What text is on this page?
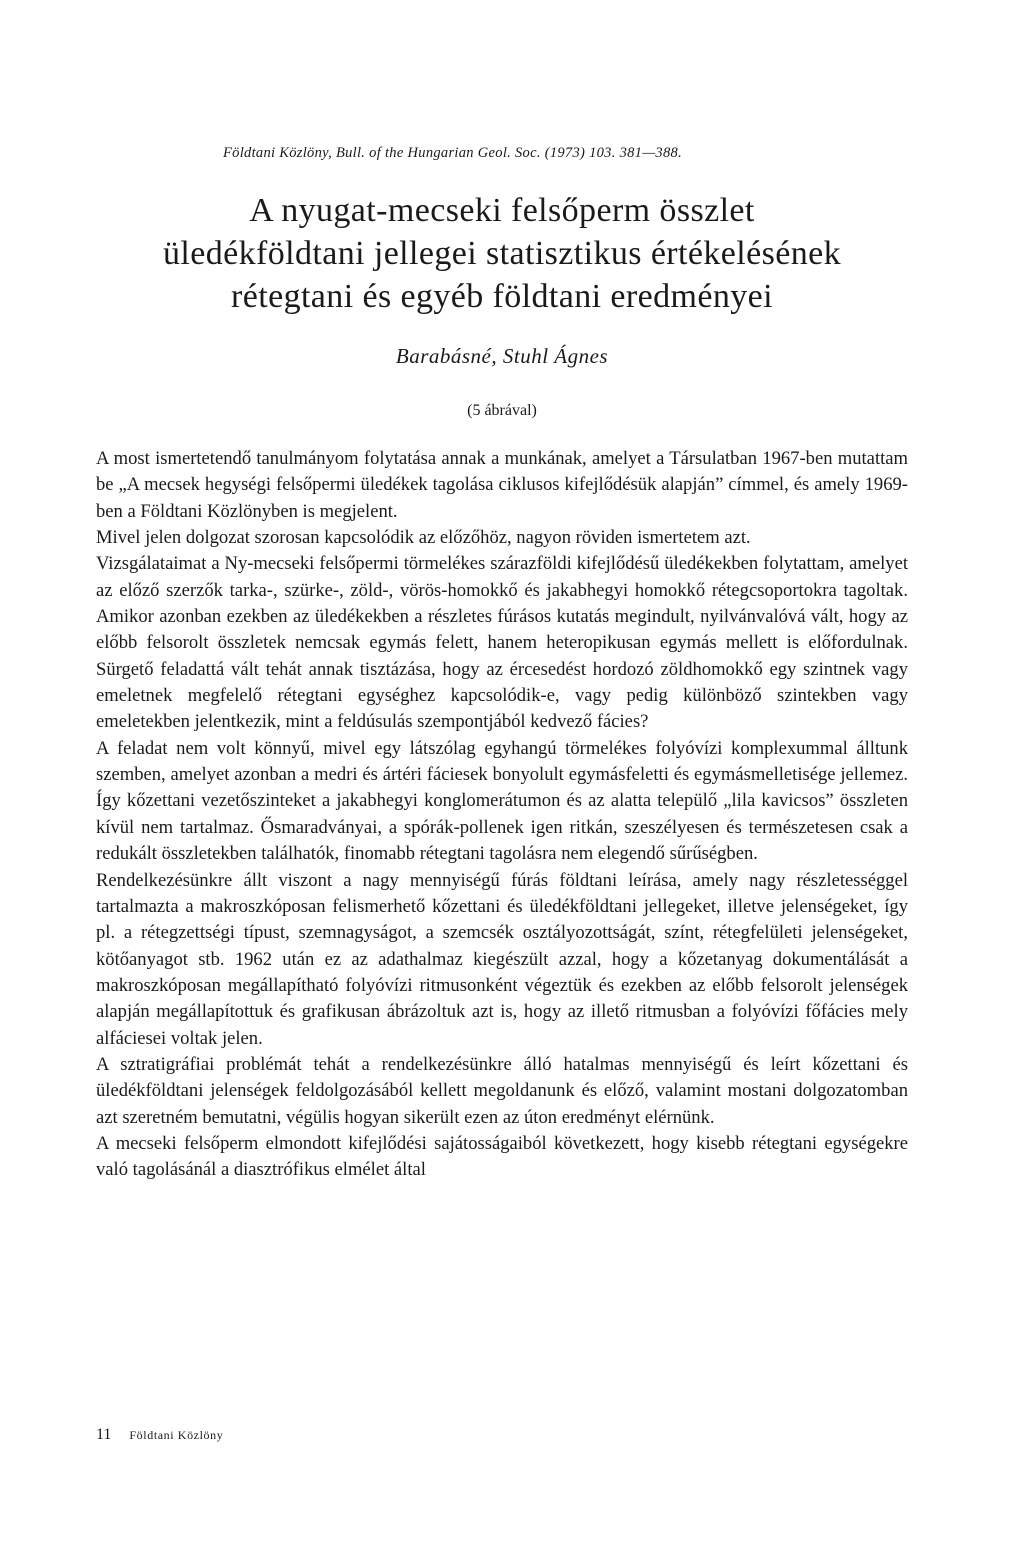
Földtani Közlöny, Bull. of the Hungarian Geol. Soc. (1973) 103. 381—388.
A nyugat-mecseki felsőperm összlet
üledékföldtani jellegei statisztikus értékelésének
rétegtani és egyéb földtani eredményei
Barabásné, Stuhl Ágnes
(5 ábrával)

A most ismertetendő tanulmányom folytatása annak a munkának, amelyet a Társulatban 1967-ben mutattam be „A mecsek hegységi felsőpermi üledékek tagolása ciklusos kifejlődésük alapján” címmel, és amely 1969-ben a Földtani Közlönyben is megjelent.

Mivel jelen dolgozat szorosan kapcsolódik az előzőhöz, nagyon röviden ismertetem azt.

Vizsgálataimat a Ny-mecseki felsőpermi törmelékes szárazföldi kifejlődésű üledékekben folytattam, amelyet az előző szerzők tarka-, szürke-, zöld-, vörös-homokkő és jakabhegyi homokkő rétegcsoportokra tagoltak. Amikor azonban ezekben az üledékekben a részletes fúrásos kutatás megindult, nyilvánvalóvá vált, hogy az előbb felsorolt összletek nemcsak egymás felett, hanem heteropikusan egymás mellett is előfordulnak. Sürgető feladattá vált tehát annak tisztázása, hogy az ércesedést hordozó zöldhomokkő egy szintnek vagy emeletnek megfelelő rétegtani egységhez kapcsolódik-e, vagy pedig különböző szintekben vagy emeletekben jelentkezik, mint a feldúsulás szempontjából kedvező fácies?

A feladat nem volt könnyű, mivel egy látszólag egyhangú törmelékes folyóvízi komplexummal álltunk szemben, amelyet azonban a medri és ártéri fáciesek bonyolult egymásfeletti és egymásmelletisége jellemez. Így kőzettani vezetőszinteket a jakabhegyi konglomerátumon és az alatta települő „lila kavicsos” összleten kívül nem tartalmaz. Ősmaradványai, a spórák-pollenek igen ritkán, szeszélyesen és természetesen csak a redukált összletekben találhatók, finomabb rétegtani tagolásra nem elegendő sűrűségben.

Rendelkezésünkre állt viszont a nagy mennyiségű fúrás földtani leírása, amely nagy részletességgel tartalmazta a makroszkóposan felismerhető kőzettani és üledékföldtani jellegeket, illetve jelenségeket, így pl. a rétegzettségi típust, szemnagyságot, a szemcsék osztályozottságát, színt, rétegfelületi jelenségeket, kötőanyagot stb. 1962 után ez az adathalmaz kiegészült azzal, hogy a kőzetanyag dokumentálását a makroszkóposan megállapítható folyóvízi ritmusonként végeztük és ezekben az előbb felsorolt jelenségek alapján megállapítottuk és grafikusan ábrázoltuk azt is, hogy az illető ritmusban a folyóvízi főfácies mely alfáciesei voltak jelen.

A sztratigráfiai problémát tehát a rendelkezésünkre álló hatalmas mennyiségű és leírt kőzettani és üledékföldtani jelenségek feldolgozásából kellett megoldanunk és előző, valamint mostani dolgozatomban azt szeretném bemutatni, végülis hogyan sikerült ezen az úton eredményt elérnünk.

A mecseki felsőperm elmondott kifejlődési sajátosságaiból következett, hogy kisebb rétegtani egységekre való tagolásánál a diasztrófikus elmélet által

11 Földtani Közlöny
